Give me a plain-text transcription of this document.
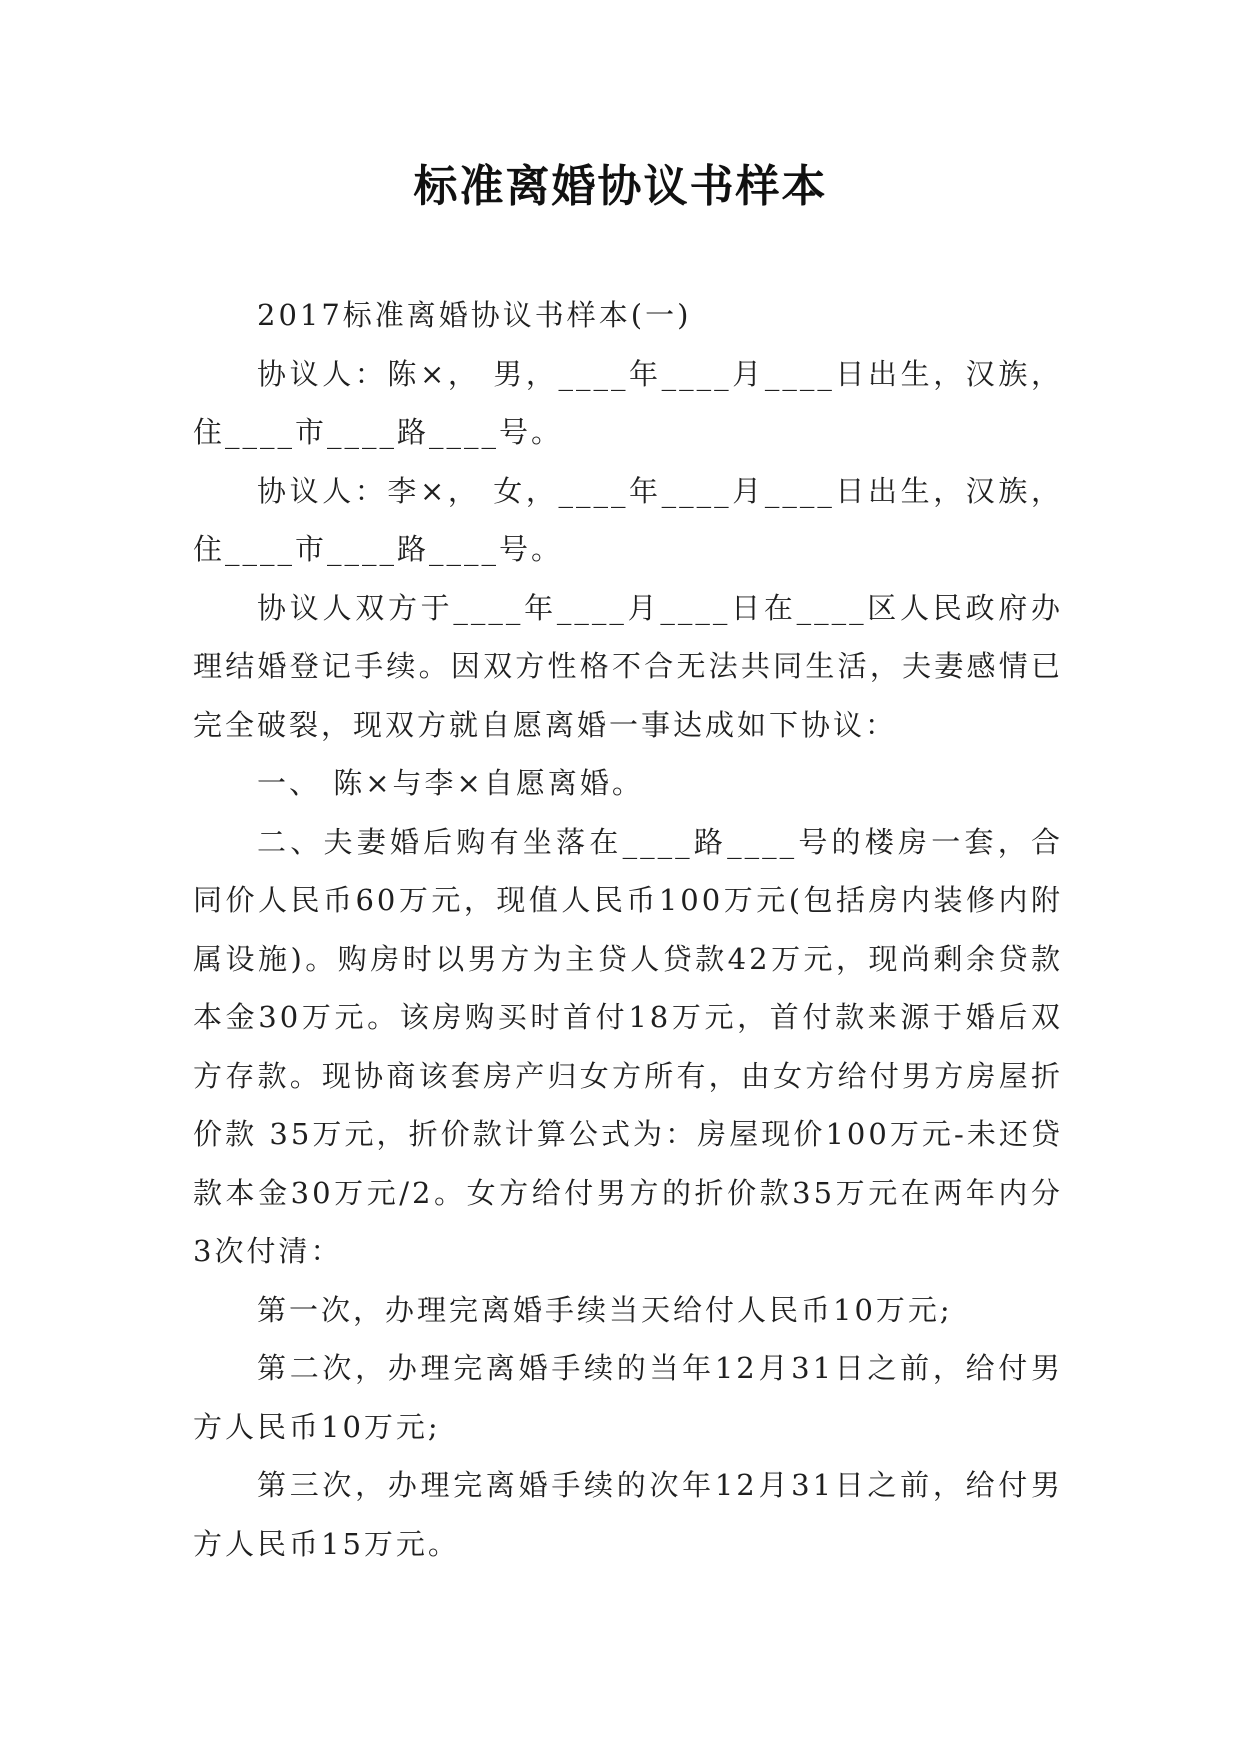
标准离婚协议书样本

2017标准离婚协议书样本(一)

协议人：陈×， 男，____年____月____日出生，汉族，住____市____路____号。

协议人：李×， 女，____年____月____日出生，汉族，住____市____路____号。

协议人双方于____年____月____日在____区人民政府办理结婚登记手续。因双方性格不合无法共同生活，夫妻感情已完全破裂，现双方就自愿离婚一事达成如下协议：

一、 陈×与李×自愿离婚。

二、夫妻婚后购有坐落在____路____号的楼房一套，合同价人民币60万元，现值人民币100万元(包括房内装修内附属设施)。购房时以男方为主贷人贷款42万元，现尚剩余贷款本金30万元。该房购买时首付18万元，首付款来源于婚后双方存款。现协商该套房产归女方所有，由女方给付男方房屋折价款 35万元，折价款计算公式为：房屋现价100万元-未还贷款本金30万元/2。女方给付男方的折价款35万元在两年内分3次付清：

第一次，办理完离婚手续当天给付人民币10万元;

第二次，办理完离婚手续的当年12月31日之前，给付男方人民币10万元;

第三次，办理完离婚手续的次年12月31日之前，给付男方人民币15万元。
